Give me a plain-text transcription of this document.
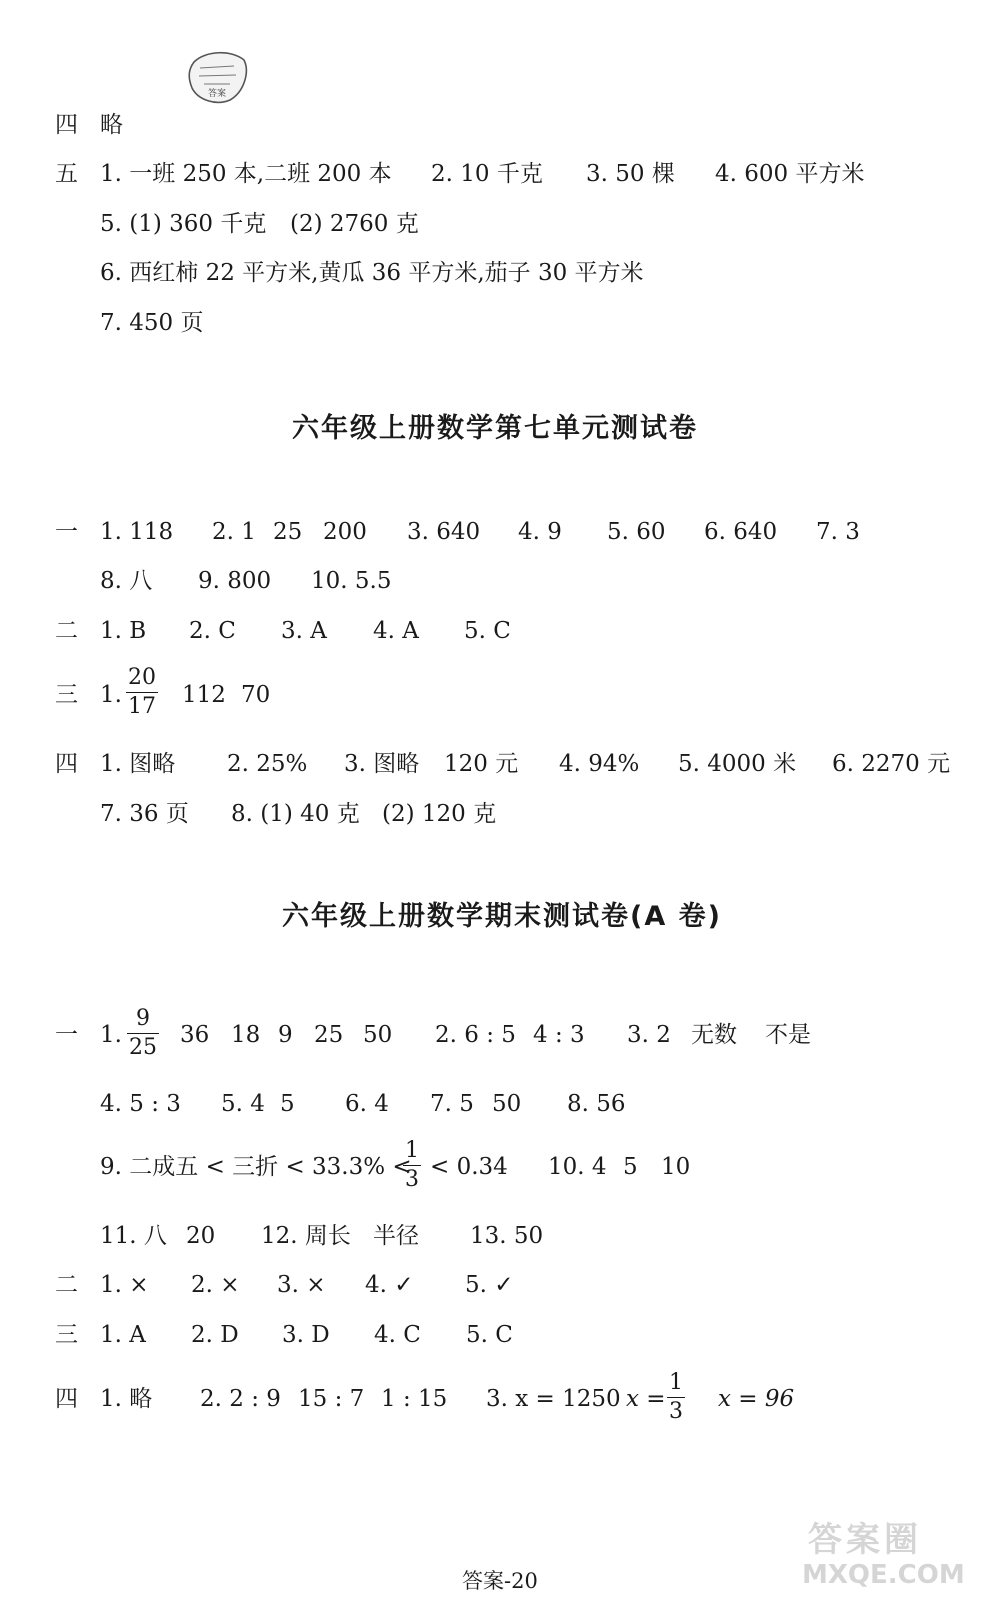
答案
四 略
五 1. 一班 250 本,二班 200 本 2. 10 千克 3. 50 棵 4. 600 平方米
5. (1) 360 千克 (2) 2760 克
6. 西红柿 22 平方米,黄瓜 36 平方米,茄子 30 平方米
7. 450 页
六年级上册数学第七单元测试卷
一 1. 118 2. 1 25 200 3. 640 4. 9 5. 60 6. 640 7. 3
8. 八 9. 800 10. 5.5
二 1. B 2. C 3. A 4. A 5. C
三 1.	112 70
20
17
四 1. 图略 2. 25% 3. 图略 120 元 4. 94% 5. 4000 米 6. 2270 元
7. 36 页 8. (1) 40 克 (2) 120 克
六年级上册数学期末测试卷(A 卷)
一 1.	36 18 9 25 50 2. 6 : 5 4 : 3 3. 2 无数 不是
9
25
4. 5 : 3 5. 4 5 6. 4 7. 5 50 8. 56
9. 二成五 < 三折 < 33.3% < < 0.34 10. 4 5 10
1
3
11. 八 20 12. 周长 半径 13. 50
二 1. × 2. × 3. × 4. ✓ 5. ✓
三 1. A 2. D 3. D 4. C 5. C
四 1. 略 2. 2 : 9 15 : 7 1 : 15 3. x = 1250 x = x = 96
1
3
答案-20
答案圈
MXQE.COM
